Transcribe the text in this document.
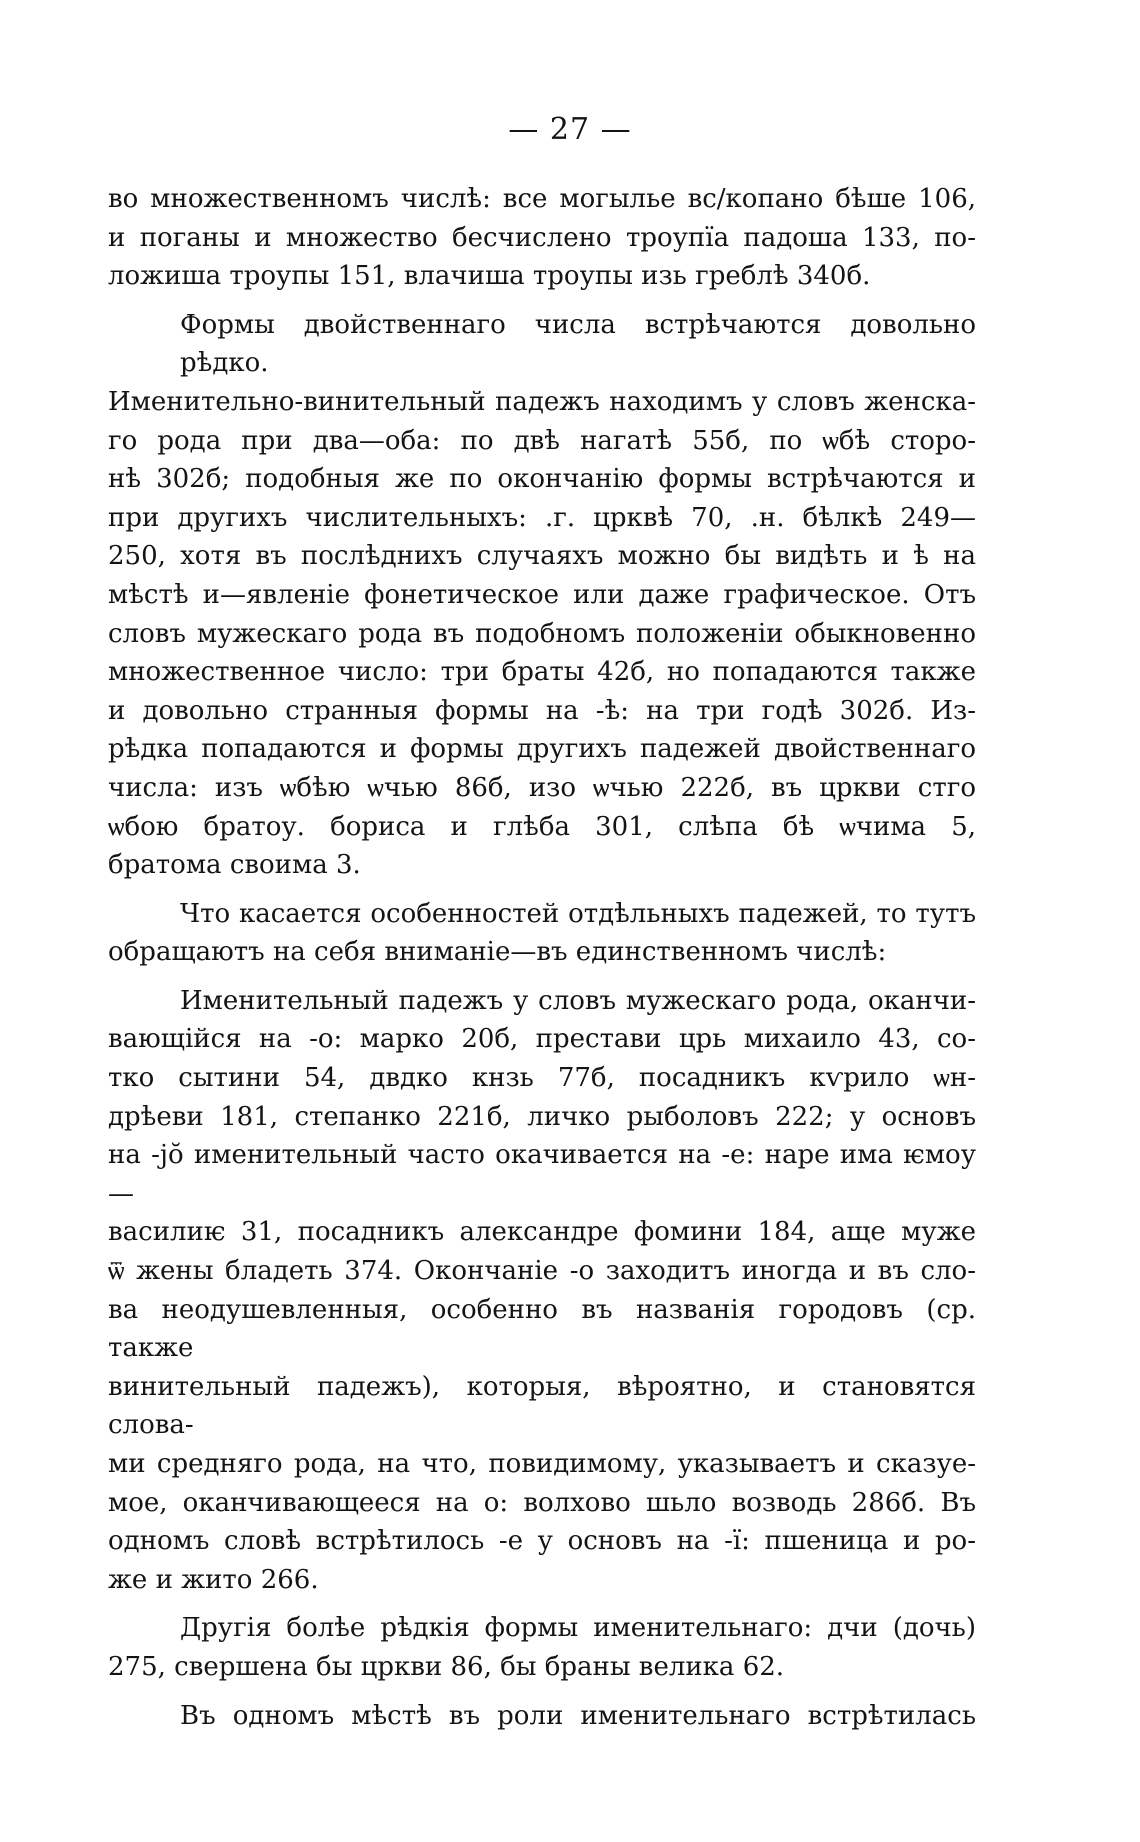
— 27 —

во множественномъ числѣ: все могылье вс/копано бѣше 106,

и поганы и множество бесчислено троупїа падоша 133, по-

ложиша троупы 151, влачиша троупы изь греблѣ 340б.

Формы двойственнаго числа встрѣчаются довольно рѣдко.

Именительно-винительный падежъ находимъ у словъ женска-

го рода при два—оба: по двѣ нагатѣ 55б, по ѡбѣ сторо-

нѣ 302б; подобныя же по окончанію формы встрѣчаются и

при другихъ числительныхъ: .г. црквѣ 70, .н. бѣлкѣ 249—

250, хотя въ послѣднихъ случаяхъ можно бы видѣть и ѣ на

мѣстѣ и—явленіе фонетическое или даже графическое. Отъ

словъ мужескаго рода въ подобномъ положеніи обыкновенно

множественное число: три браты 42б, но попадаются также

и довольно странныя формы на -ѣ: на три годѣ 302б. Из-

рѣдка попадаются и формы другихъ падежей двойственнаго

числа: изъ ѡбѣю ѡчью 86б, изо ѡчью 222б, въ цркви стго

ѡбою братоу. бориса и глѣба 301, слѣпа бѣ ѡчима 5,

братома своима 3.

Что касается особенностей отдѣльныхъ падежей, то тутъ

обращаютъ на себя вниманіе—въ единственномъ числѣ:

Именительный падежъ у словъ мужескаго рода, оканчи-

вающійся на -о: марко 20б, престави црь михаило 43, со-

тко сытини 54, двдко кнзь 77б, посадникъ кѵрило ѡн-

дрѣеви 181, степанко 221б, личко рыболовъ 222; у основъ

на -jŏ именительный часто окачивается на -е: наре има ѥмоу—

василиѥ 31, посадникъ александре фомини 184, аще муже

ѿ жены бладеть 374. Окончаніе -о заходитъ иногда и въ сло-

ва неодушевленныя, особенно въ названія городовъ (ср. также

винительный падежъ), которыя, вѣроятно, и становятся слова-

ми средняго рода, на что, повидимому, указываетъ и сказуе-

мое, оканчивающееся на о: волхово шьло возводь 286б. Въ

одномъ словѣ встрѣтилось -е у основъ на -ї: пшеница и ро-

же и жито 266.

Другія болѣе рѣдкія формы именительнаго: дчи (дочь)

275, свершена бы цркви 86, бы браны велика 62.

Въ одномъ мѣстѣ въ роли именительнаго встрѣтилась
